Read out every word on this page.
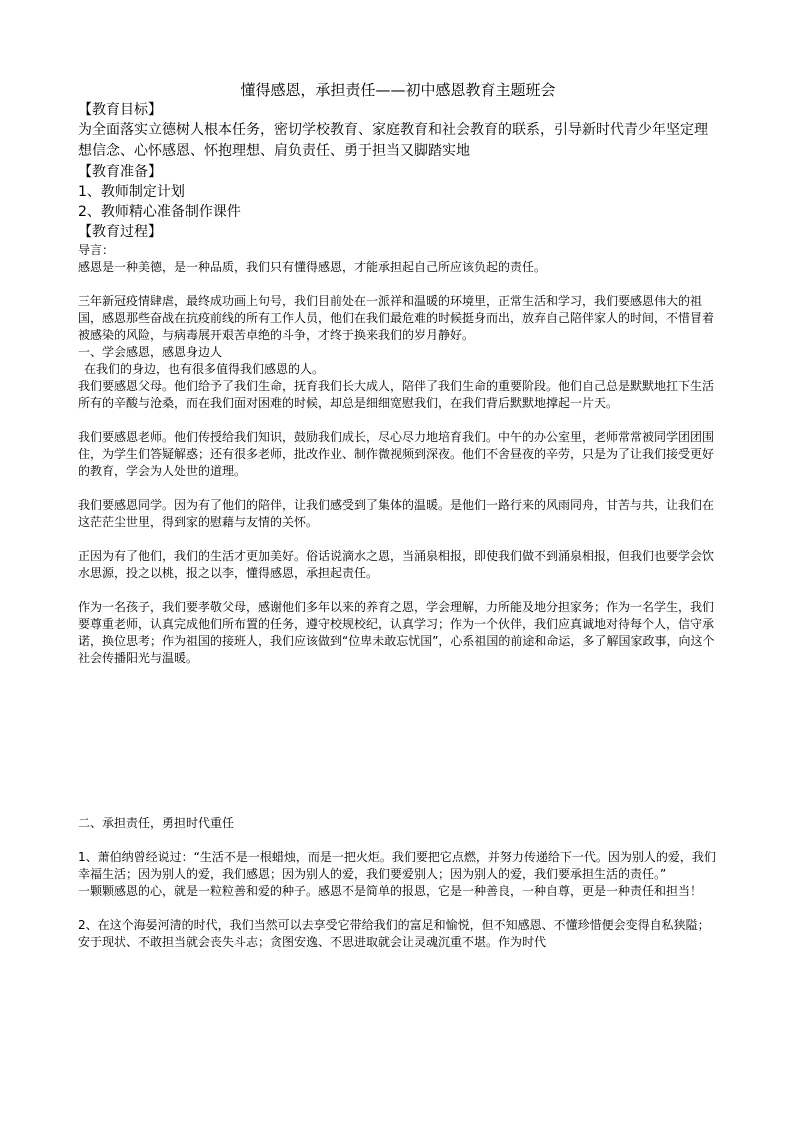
懂得感恩，承担责任——初中感恩教育主题班会

【教育目标】

为全面落实立德树人根本任务，密切学校教育、家庭教育和社会教育的联系，引导新时代青少年坚定理想信念、心怀感恩、怀抱理想、肩负责任、勇于担当又脚踏实地

【教育准备】

1、教师制定计划

2、教师精心准备制作课件

【教育过程】

导言：

感恩是一种美德，是一种品质，我们只有懂得感恩，才能承担起自己所应该负起的责任。

三年新冠疫情肆虐，最终成功画上句号，我们目前处在一派祥和温暖的环境里，正常生活和学习，我们要感恩伟大的祖国，感恩那些奋战在抗疫前线的所有工作人员，他们在我们最危难的时候挺身而出，放弃自己陪伴家人的时间，不惜冒着被感染的风险，与病毒展开艰苦卓绝的斗争，才终于换来我们的岁月静好。

一、学会感恩，感恩身边人

在我们的身边，也有很多值得我们感恩的人。

我们要感恩父母。他们给予了我们生命，抚育我们长大成人，陪伴了我们生命的重要阶段。他们自己总是默默地扛下生活所有的辛酸与沧桑，而在我们面对困难的时候，却总是细细宽慰我们，在我们背后默默地撑起一片天。

我们要感恩老师。他们传授给我们知识，鼓励我们成长，尽心尽力地培育我们。中午的办公室里，老师常常被同学团团围住，为学生们答疑解惑；还有很多老师，批改作业、制作微视频到深夜。他们不舍昼夜的辛劳，只是为了让我们接受更好的教育，学会为人处世的道理。

我们要感恩同学。因为有了他们的陪伴，让我们感受到了集体的温暖。是他们一路行来的风雨同舟，甘苦与共，让我们在这茫茫尘世里，得到家的慰藉与友情的关怀。

正因为有了他们，我们的生活才更加美好。俗话说滴水之恩，当涌泉相报，即使我们做不到涌泉相报，但我们也要学会饮水思源，投之以桃，报之以李，懂得感恩，承担起责任。

作为一名孩子，我们要孝敬父母，感谢他们多年以来的养育之恩，学会理解，力所能及地分担家务；作为一名学生，我们要尊重老师，认真完成他们所布置的任务，遵守校规校纪，认真学习；作为一个伙伴，我们应真诚地对待每个人，信守承诺，换位思考；作为祖国的接班人，我们应该做到“位卑未敢忘忧国”，心系祖国的前途和命运，多了解国家政事，向这个社会传播阳光与温暖。

二、承担责任，勇担时代重任

1、萧伯纳曾经说过：“生活不是一根蜡烛，而是一把火炬。我们要把它点燃，并努力传递给下一代。因为别人的爱，我们幸福生活；因为别人的爱，我们感恩；因为别人的爱，我们要爱别人；因为别人的爱，我们要承担生活的责任。”

一颗颗感恩的心，就是一粒粒善和爱的种子。感恩不是简单的报恩，它是一种善良，一种自尊，更是一种责任和担当！

2、在这个海晏河清的时代，我们当然可以去享受它带给我们的富足和愉悦，但不知感恩、不懂珍惜便会变得自私狭隘；安于现状、不敢担当就会丧失斗志；贪图安逸、不思进取就会让灵魂沉重不堪。作为时代
